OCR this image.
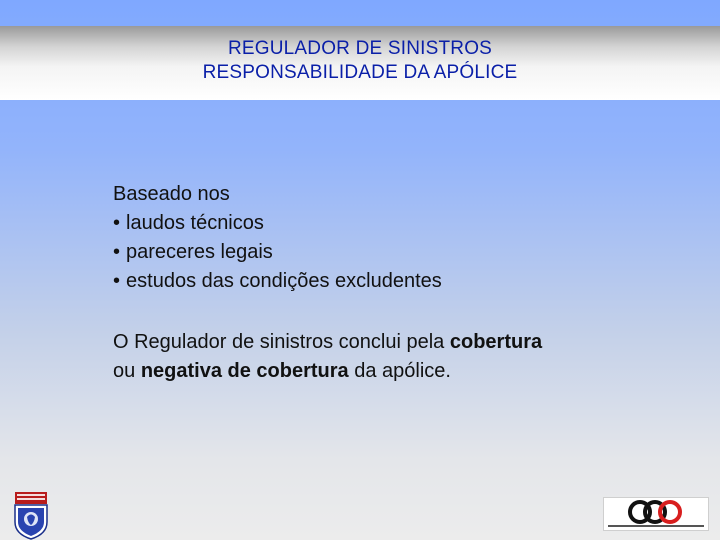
REGULADOR DE SINISTROS
RESPONSABILIDADE DA APÓLICE
Baseado nos
• laudos técnicos
• pareceres legais
• estudos das condições excludentes
O Regulador de sinistros conclui pela cobertura
ou negativa de cobertura da apólice.
